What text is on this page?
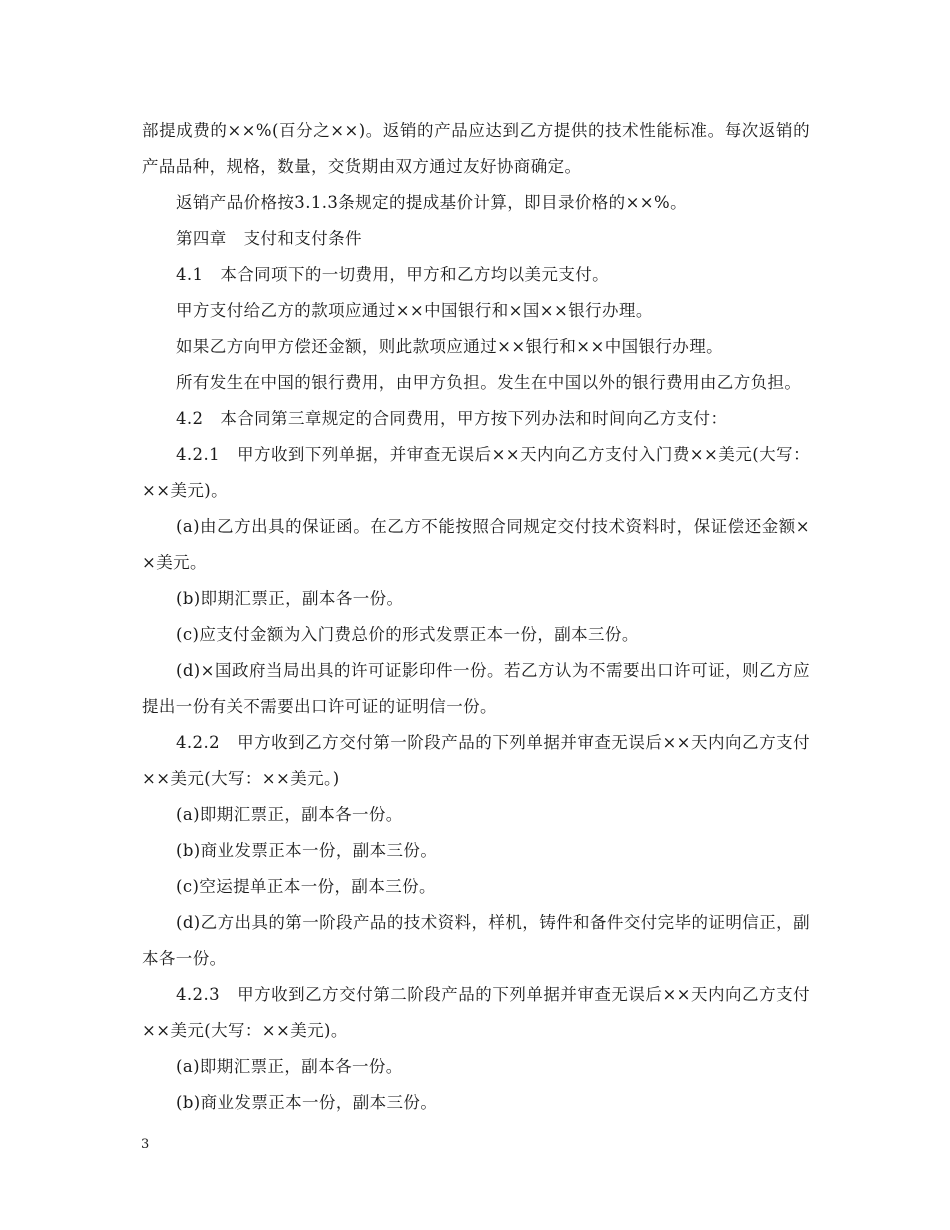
部提成费的××%(百分之××)。返销的产品应达到乙方提供的技术性能标准。每次返销的产品品种，规格，数量，交货期由双方通过友好协商确定。

返销产品价格按3.1.3条规定的提成基价计算，即目录价格的××%。

第四章　支付和支付条件

4.1　本合同项下的一切费用，甲方和乙方均以美元支付。

甲方支付给乙方的款项应通过××中国银行和×国××银行办理。

如果乙方向甲方偿还金额，则此款项应通过××银行和××中国银行办理。

所有发生在中国的银行费用，由甲方负担。发生在中国以外的银行费用由乙方负担。

4.2　本合同第三章规定的合同费用，甲方按下列办法和时间向乙方支付：

4.2.1　甲方收到下列单据，并审查无误后××天内向乙方支付入门费××美元(大写：××美元)。

(a)由乙方出具的保证函。在乙方不能按照合同规定交付技术资料时，保证偿还金额××美元。

(b)即期汇票正，副本各一份。

(c)应支付金额为入门费总价的形式发票正本一份，副本三份。

(d)×国政府当局出具的许可证影印件一份。若乙方认为不需要出口许可证，则乙方应提出一份有关不需要出口许可证的证明信一份。

4.2.2　甲方收到乙方交付第一阶段产品的下列单据并审查无误后××天内向乙方支付××美元(大写：××美元。)

(a)即期汇票正，副本各一份。

(b)商业发票正本一份，副本三份。

(c)空运提单正本一份，副本三份。

(d)乙方出具的第一阶段产品的技术资料，样机，铸件和备件交付完毕的证明信正，副本各一份。

4.2.3　甲方收到乙方交付第二阶段产品的下列单据并审查无误后××天内向乙方支付××美元(大写：××美元)。

(a)即期汇票正，副本各一份。

(b)商业发票正本一份，副本三份。

3
